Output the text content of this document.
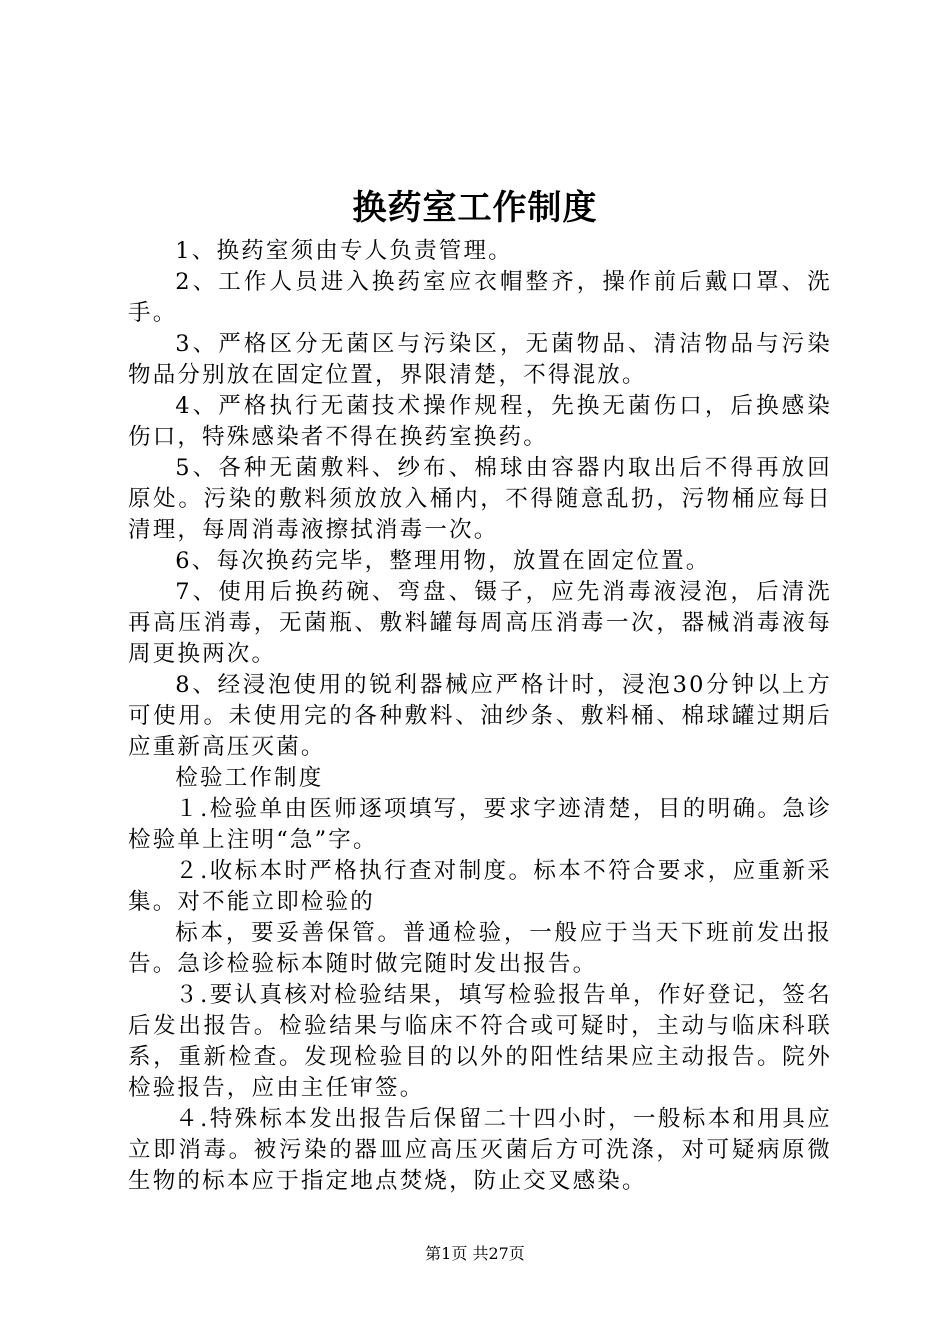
换药室工作制度

1、换药室须由专人负责管理。

2、工作人员进入换药室应衣帽整齐，操作前后戴口罩、洗手。

3、严格区分无菌区与污染区，无菌物品、清洁物品与污染物品分别放在固定位置，界限清楚，不得混放。

4、严格执行无菌技术操作规程，先换无菌伤口，后换感染伤口，特殊感染者不得在换药室换药。

5、各种无菌敷料、纱布、棉球由容器内取出后不得再放回原处。污染的敷料须放放入桶内，不得随意乱扔，污物桶应每日清理，每周消毒液擦拭消毒一次。

6、每次换药完毕，整理用物，放置在固定位置。

7、使用后换药碗、弯盘、镊子，应先消毒液浸泡，后清洗再高压消毒，无菌瓶、敷料罐每周高压消毒一次，器械消毒液每周更换两次。

8、经浸泡使用的锐利器械应严格计时，浸泡30分钟以上方可使用。未使用完的各种敷料、油纱条、敷料桶、棉球罐过期后应重新高压灭菌。

检验工作制度

１.检验单由医师逐项填写，要求字迹清楚，目的明确。急诊检验单上注明“急”字。

２.收标本时严格执行查对制度。标本不符合要求，应重新采集。对不能立即检验的

标本，要妥善保管。普通检验，一般应于当天下班前发出报告。急诊检验标本随时做完随时发出报告。

３.要认真核对检验结果，填写检验报告单，作好登记，签名后发出报告。检验结果与临床不符合或可疑时，主动与临床科联系，重新检查。发现检验目的以外的阳性结果应主动报告。院外检验报告，应由主任审签。

４.特殊标本发出报告后保留二十四小时，一般标本和用具应立即消毒。被污染的器皿应高压灭菌后方可洗涤，对可疑病原微生物的标本应于指定地点焚烧，防止交叉感染。

第1页 共27页
